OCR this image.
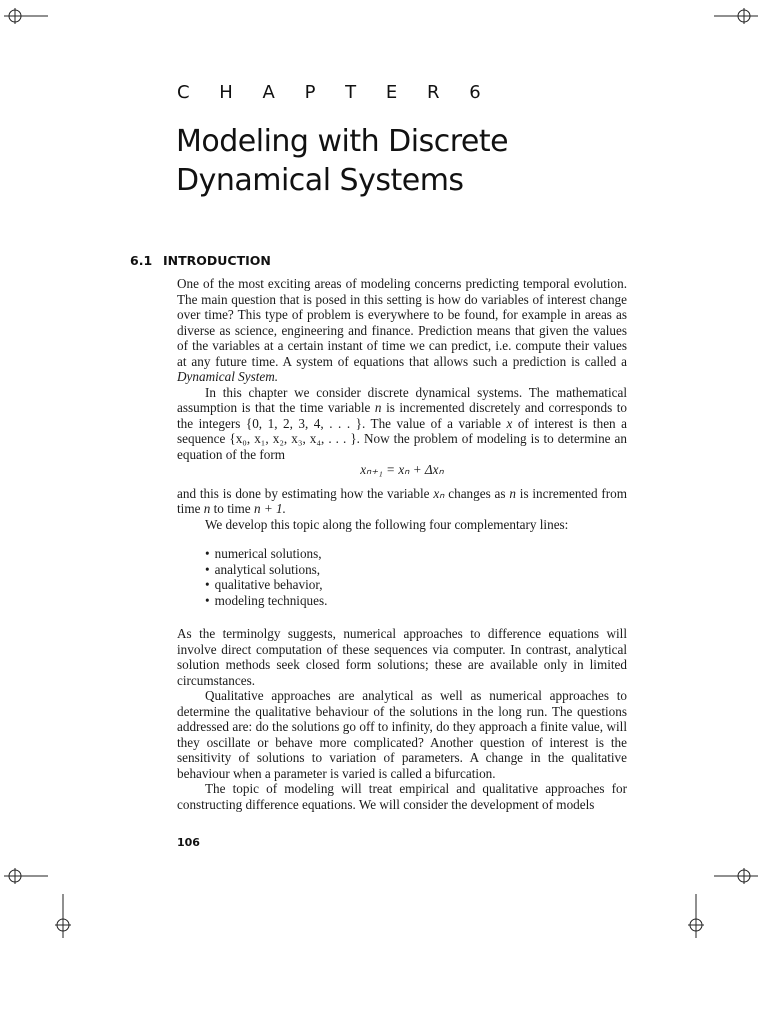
C H A P T E R 6
Modeling with Discrete
Dynamical Systems
6.1 INTRODUCTION

One of the most exciting areas of modeling concerns predicting temporal evolution. The main question that is posed in this setting is how do variables of interest change over time? This type of problem is everywhere to be found, for example in areas as diverse as science, engineering and finance. Prediction means that given the values of the variables at a certain instant of time we can predict, i.e. compute their values at any future time. A system of equations that allows such a prediction is called a Dynamical System.

In this chapter we consider discrete dynamical systems. The mathematical assumption is that the time variable n is incremented discretely and corresponds to the integers {0, 1, 2, 3, 4, . . . }. The value of a variable x of interest is then a sequence {x₀, x₁, x₂, x₃, x₄, . . . }. Now the problem of modeling is to determine an equation of the form

xₙ₊₁ = xₙ + Δxₙ

and this is done by estimating how the variable xₙ changes as n is incremented from time n to time n + 1.

We develop this topic along the following four complementary lines:

• numerical solutions,
• analytical solutions,
• qualitative behavior,
• modeling techniques.

As the terminolgy suggests, numerical approaches to difference equations will involve direct computation of these sequences via computer. In contrast, analytical solution methods seek closed form solutions; these are available only in limited circumstances.

Qualitative approaches are analytical as well as numerical approaches to determine the qualitative behaviour of the solutions in the long run. The questions addressed are: do the solutions go off to infinity, do they approach a finite value, will they oscillate or behave more complicated? Another question of interest is the sensitivity of solutions to variation of parameters. A change in the qualitative behaviour when a parameter is varied is called a bifurcation.

The topic of modeling will treat empirical and qualitative approaches for constructing difference equations. We will consider the development of models

106
